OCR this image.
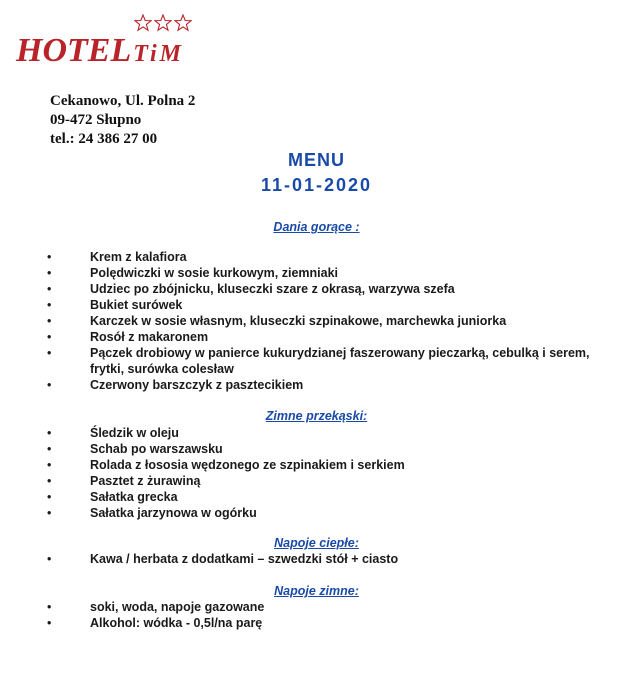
HOTELTiM
Cekanowo, Ul. Polna 2
09-472 Słupno
tel.: 24 386 27 00
MENU
11-01-2020
Dania gorące :
• Krem z kalafiora
• Polędwiczki w sosie kurkowym, ziemniaki
• Udziec po zbójnicku, kluseczki szare z okrasą, warzywa szefa
• Bukiet surówek
• Karczek w sosie własnym, kluseczki szpinakowe, marchewka juniorka
• Rosół z makaronem
• Pączek drobiowy w panierce kukurydzianej faszerowany pieczarką, cebulką i serem, frytki, surówka colesław
• Czerwony barszczyk z pasztecikiem
Zimne przekąski:
• Śledzik w oleju
• Schab po warszawsku
• Rolada z łososia wędzonego ze szpinakiem i serkiem
• Pasztet z żurawiną
• Sałatka grecka
• Sałatka jarzynowa w ogórku
Napoje ciepłe:
• Kawa / herbata z dodatkami – szwedzki stół + ciasto
Napoje zimne:
• soki, woda, napoje gazowane
• Alkohol: wódka - 0,5l/na parę
